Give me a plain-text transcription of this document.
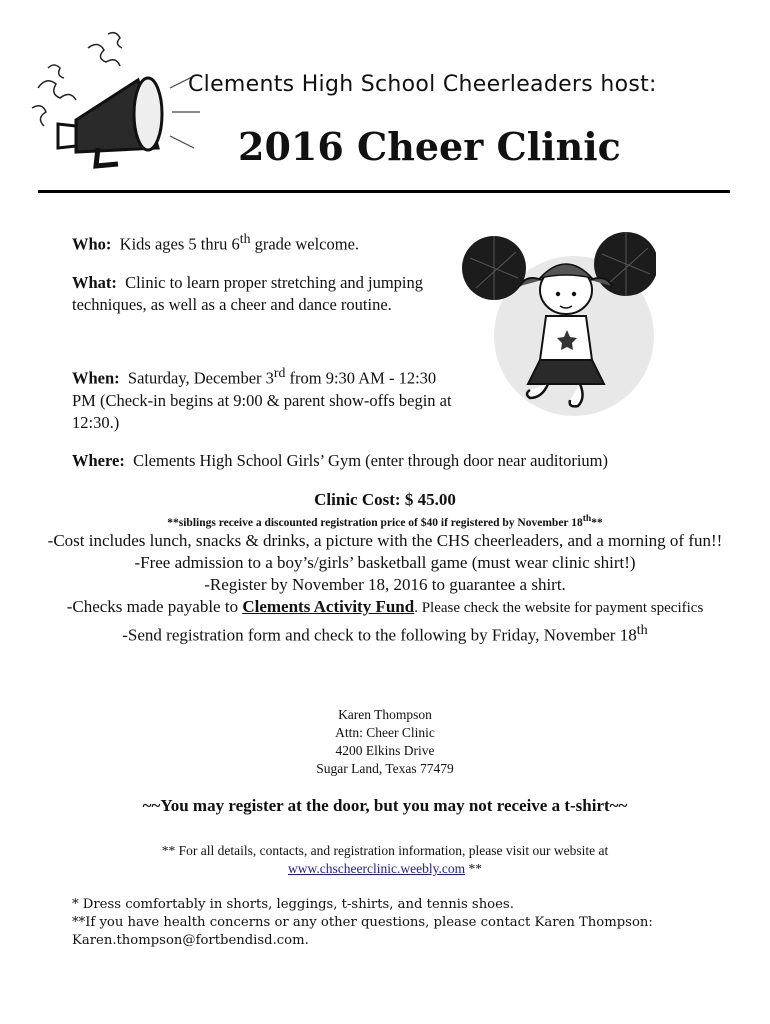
Clements High School Cheerleaders host:
2016 Cheer Clinic
Who: Kids ages 5 thru 6th grade welcome.
What: Clinic to learn proper stretching and jumping techniques, as well as a cheer and dance routine.
When: Saturday, December 3rd from 9:30 AM - 12:30 PM (Check-in begins at 9:00 & parent show-offs begin at 12:30.)
Where: Clements High School Girls’ Gym (enter through door near auditorium)
Clinic Cost: $ 45.00
**siblings receive a discounted registration price of $40 if registered by November 18th**
-Cost includes lunch, snacks & drinks, a picture with the CHS cheerleaders, and a morning of fun!!
-Free admission to a boy’s/girls’ basketball game (must wear clinic shirt!)
-Register by November 18, 2016 to guarantee a shirt.
-Checks made payable to Clements Activity Fund. Please check the website for payment specifics
-Send registration form and check to the following by Friday, November 18th
Karen Thompson
Attn: Cheer Clinic
4200 Elkins Drive
Sugar Land, Texas 77479
~~You may register at the door, but you may not receive a t-shirt~~
** For all details, contacts, and registration information, please visit our website at
www.chscheerclinic.weebly.com **
* Dress comfortably in shorts, leggings, t-shirts, and tennis shoes.
**If you have health concerns or any other questions, please contact Karen Thompson:
Karen.thompson@fortbendisd.com.
